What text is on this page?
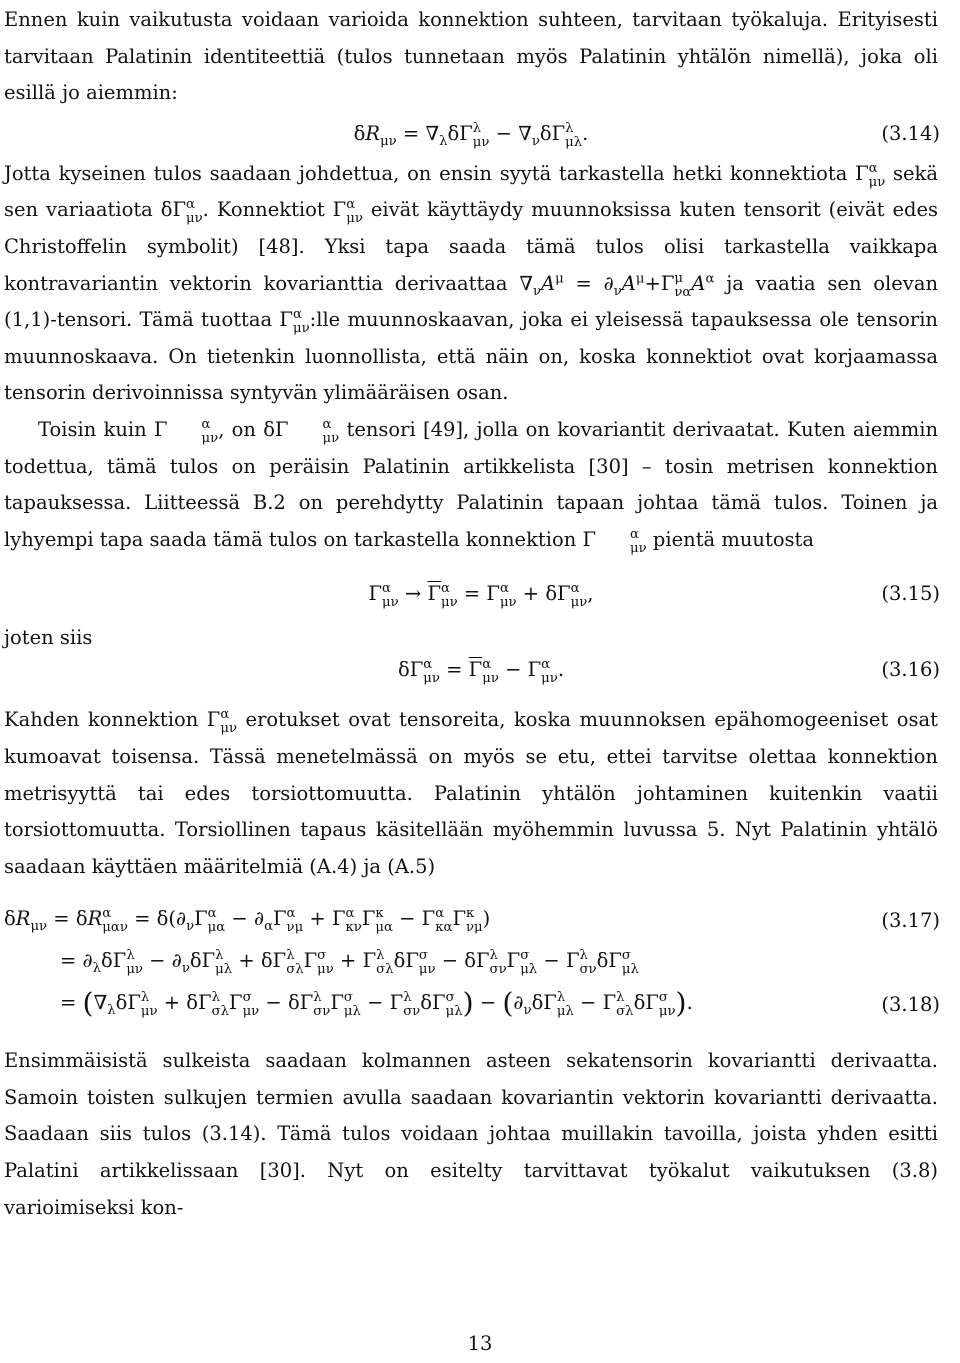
Ennen kuin vaikutusta voidaan varioida konnektion suhteen, tarvitaan työkaluja. Erityisesti tarvitaan Palatinin identiteettiä (tulos tunnetaan myös Palatinin yhtälön nimellä), joka oli esillä jo aiemmin:

$\delta R_{\mu\nu} = \nabla_\lambda\delta\Gamma$ λ
$\mu\nu - \nabla_\nu\delta\Gamma$ λ
μλ .	(3.14)

Jotta kyseinen tulos saadaan johdettua, on ensin syytä tarkastella hetki konnektiota Γ α
μν sekä sen variaatiota δΓ α
μν . Konnektiot Γ α
μν eivät käyttäydy muunnoksissa kuten tensorit (eivät edes Christoffelin symbolit) [48]. Yksi tapa saada tämä tulos olisi tarkastella vaikkapa kontravariantin vektorin kovarianttia derivaattaa $\nabla_\nu A^\mu = \partial_\nu A^\mu+\Gamma$ μ
να $A^\alpha$ ja vaatia sen olevan (1,1)-tensori. Tämä tuottaa Γ α
μν :lle muunnoskaavan, joka ei yleisessä tapauksessa ole tensorin muunnoskaava. On tietenkin luonnollista, että näin on, koska konnektiot ovat korjaamassa tensorin derivoinnissa syntyvän ylimääräisen osan.

Toisin kuin Γ	α
μν , on δΓ	α
μν tensori [49], jolla on kovariantit derivaatat. Kuten aiemmin todettua, tämä tulos on peräisin Palatinin artikkelista [30] – tosin metrisen konnektion tapauksessa. Liitteessä B.2 on perehdytty Palatinin tapaan johtaa tämä tulos. Toinen ja lyhyempi tapa saada tämä tulos on tarkastella konnektion Γ	α
μν pientä muutosta

Γ α
$\mu\nu \to \overline{\Gamma}$ α
μν = Γ α
μν + δΓ α
μν ,	(3.15)
joten siis
δΓ α
$\mu\nu = \overline{\Gamma}$ α
μν − Γ α
μν .	(3.16)

Kahden konnektion Γ α
μν erotukset ovat tensoreita, koska muunnoksen epähomogeeniset osat kumoavat toisensa. Tässä menetelmässä on myös se etu, ettei tarvitse olettaa konnektion metrisyyttä tai edes torsiottomuutta. Palatinin yhtälön johtaminen kuitenkin vaatii torsiottomuutta. Torsiollinen tapaus käsitellään myöhemmin luvussa 5. Nyt Palatinin yhtälö saadaan käyttäen määritelmiä (A.4) ja (A.5)

$\delta R_{\mu\nu} = \delta R$ α
$\mu\alpha\nu = \delta(\partial_\nu\Gamma$ α
$\mu\alpha - \partial_\alpha\Gamma$ α
νμ + Γ α
κν Γ κ
μα − Γ α
κα Γ κ
νμ )	(3.17)
= $\partial_\lambda\delta\Gamma$ λ
$\mu\nu - \partial_\nu\delta\Gamma$ λ
μλ + δΓ λ
σλ Γ σ
μν + Γ λ
σλ δΓ σ
μν − δΓ λ
σν Γ σ
μλ − Γ λ
σν δΓ σ
μλ
= ($\nabla_\lambda\delta\Gamma$ λ
μν + δΓ λ
σλ Γ σ
μν − δΓ λ
σν Γ σ
μλ − Γ λ
σν δΓ σ
μλ ) − ($\partial_\nu\delta\Gamma$ λ
μλ − Γ λ
σλ δΓ σ
μν ).	(3.18)

Ensimmäisistä sulkeista saadaan kolmannen asteen sekatensorin kovariantti derivaatta. Samoin toisten sulkujen termien avulla saadaan kovariantin vektorin kovariantti derivaatta. Saadaan siis tulos (3.14). Tämä tulos voidaan johtaa muillakin tavoilla, joista yhden esitti Palatini artikkelissaan [30]. Nyt on esitelty tarvittavat työkalut vaikutuksen (3.8) varioimiseksi kon-

13
